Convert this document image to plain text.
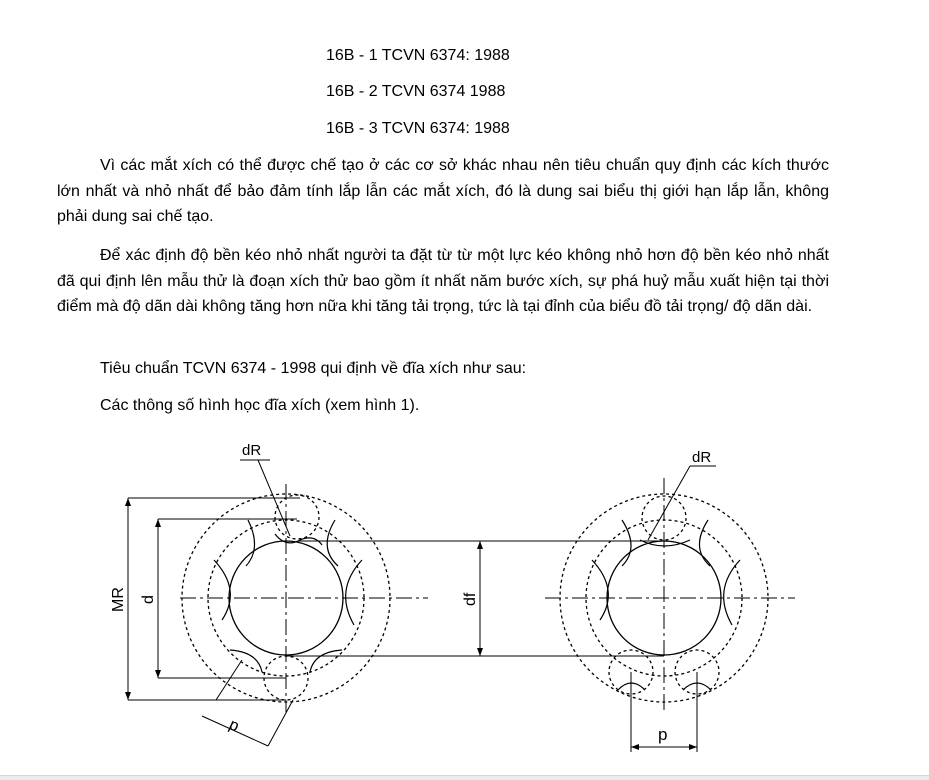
16B - 1 TCVN 6374: 1988
16B - 2 TCVN 6374 1988
16B - 3 TCVN 6374: 1988

Vì các mắt xích có thể được chế tạo ở các cơ sở khác nhau nên tiêu chuẩn quy định các kích thước lớn nhất và nhỏ nhất để bảo đảm tính lắp lẫn các mắt xích, đó là dung sai biểu thị giới hạn lắp lẫn, không phải dung sai chế tạo.

Để xác định độ bền kéo nhỏ nhất người ta đặt từ từ một lực kéo không nhỏ hơn độ bền kéo nhỏ nhất đã qui định lên mẫu thử là đoạn xích thử bao gồm ít nhất năm bước xích, sự phá huỷ mẫu xuất hiện tại thời điểm mà độ dãn dài không tăng hơn nữa khi tăng tải trọng, tức là tại đỉnh của biểu đồ tải trọng/ độ dãn dài.

Tiêu chuẩn TCVN 6374 - 1998 qui định về đĩa xích như sau:
Các thông số hình học đĩa xích (xem hình 1).
dR	dR
MR d	df
p	p
